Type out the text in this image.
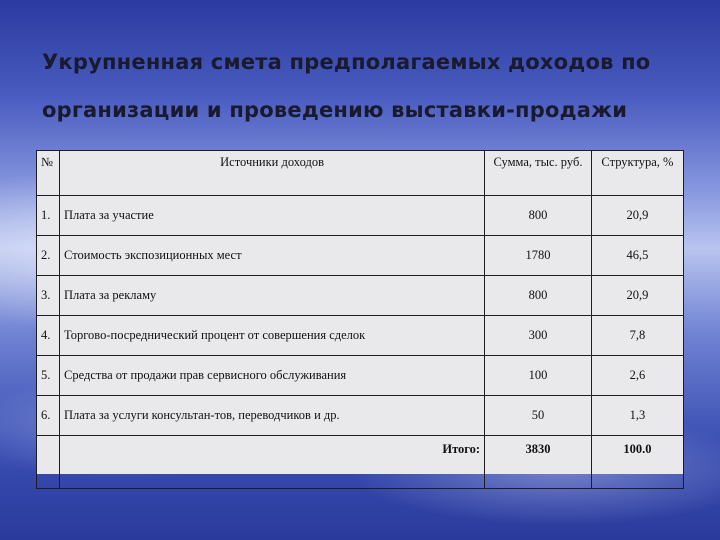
Укрупненная смета предполагаемых доходов по
организации и проведению выставки-продажи
№	Источники доходов	Сумма, тыс. руб.	Структура, %
1.	Плата за участие	800	20,9
2.	Стоимость экспозиционных мест	1780	46,5
3.	Плата за рекламу	800	20,9
4.	Торгово-посреднический процент от совершения сделок	300	7,8
5.	Средства от продажи прав сервисного обслуживания	100	2,6
6.	Плата за услуги консультан-тов, переводчиков и др.	50	1,3
	Итого:	3830	100.0
